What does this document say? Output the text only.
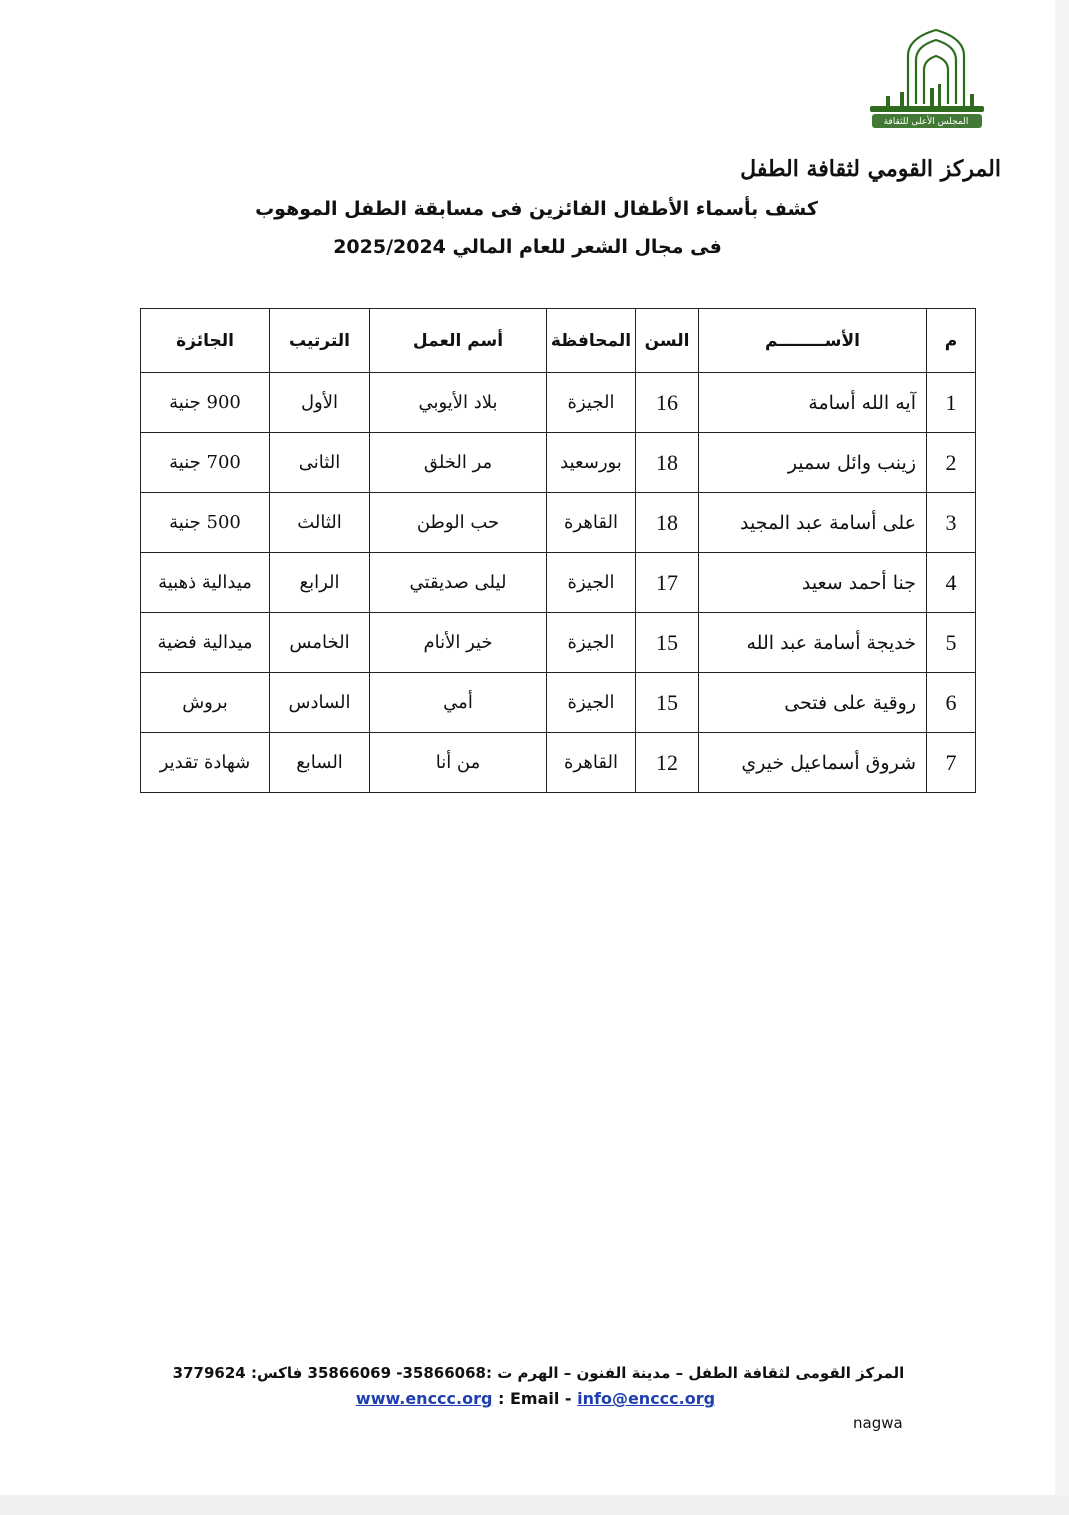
المجلس الأعلى للثقافة
المركز القومي لثقافة الطفل
كشف بأسماء الأطفال الفائزين فى مسابقة الطفل الموهوب
فى مجال الشعر للعام المالي 2025/2024
م	الأســــــــم	السن	المحافظة	أسم العمل	الترتيب	الجائزة
1	آيه الله أسامة	16	الجيزة	بلاد الأيوبي	الأول	900 جنية
2	زينب وائل سمير	18	بورسعيد	مر الخلق	الثانى	700 جنية
3	على أسامة عبد المجيد	18	القاهرة	حب الوطن	الثالث	500 جنية
4	جنا أحمد سعيد	17	الجيزة	ليلى صديقتي	الرابع	ميدالية ذهبية
5	خديجة أسامة عبد الله	15	الجيزة	خير الأنام	الخامس	ميدالية فضية
6	روقية على فتحى	15	الجيزة	أمي	السادس	بروش
7	شروق أسماعيل خيري	12	القاهرة	من أنا	السابع	شهادة تقدير
المركز القومى لثقافة الطفل – مدينة الفنون – الهرم ت :35866068- 35866069 فاكس: 3779624
www.enccc.org : Email - info@enccc.org
nagwa
